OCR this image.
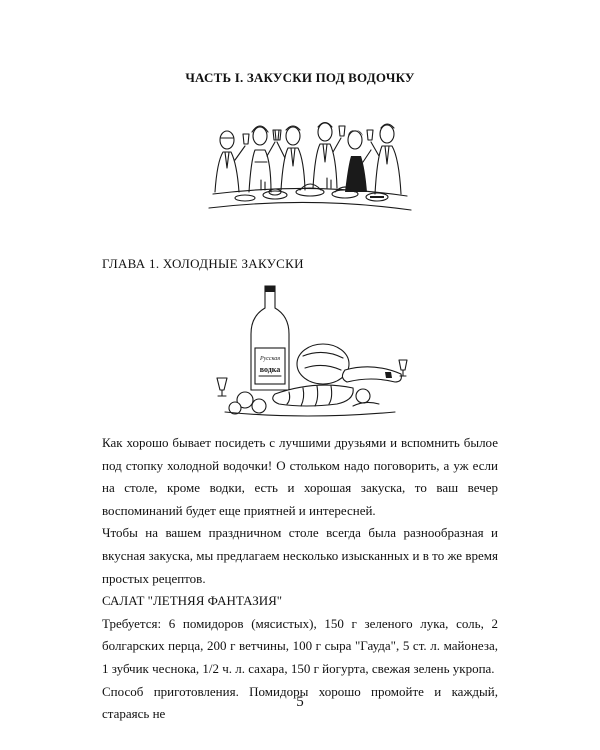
ЧАСТЬ I. ЗАКУСКИ ПОД ВОДОЧКУ
ГЛАВА 1. ХОЛОДНЫЕ ЗАКУСКИ
Русская
водка

Как хорошо бывает посидеть с лучшими друзьями и вспомнить былое под стопку холодной водочки! О стольком надо поговорить, а уж если на столе, кроме водки, есть и хорошая закуска, то ваш вечер воспоминаний будет еще приятней и интересней.

Чтобы на вашем праздничном столе всегда была разнообразная и вкусная закуска, мы предлагаем несколько изысканных и в то же время простых рецептов.

САЛАТ "ЛЕТНЯЯ ФАНТАЗИЯ"

Требуется: 6 помидоров (мясистых), 150 г зеленого лука, соль, 2 болгарских перца, 200 г ветчины, 100 г сыра "Гауда", 5 ст. л. майонеза, 1 зубчик чеснока, 1/2 ч. л. сахара, 150 г йогурта, свежая зелень укропа.

Способ приготовления. Помидоры хорошо промойте и каждый, стараясь не

5
